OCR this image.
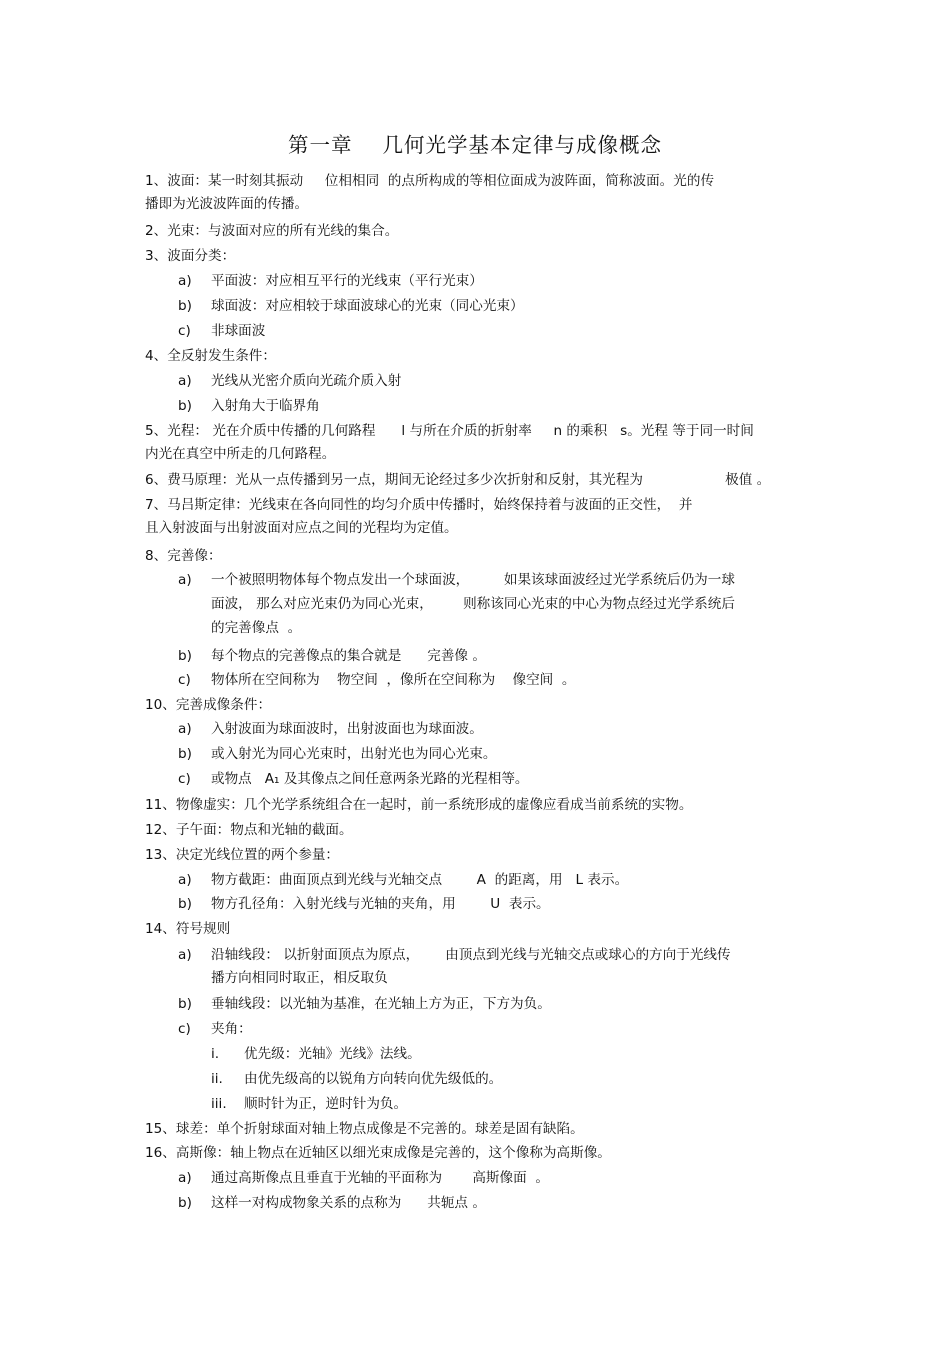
第一章    几何光学基本定律与成像概念
1、波面：某一时刻其振动     位相相同  的点所构成的等相位面成为波阵面，简称波面。光的传
播即为光波波阵面的传播。
2、光束：与波面对应的所有光线的集合。
3、波面分类：
a) 平面波：对应相互平行的光线束（平行光束）
b) 球面波：对应相较于球面波球心的光束（同心光束）
c) 非球面波
4、全反射发生条件：
a) 光线从光密介质向光疏介质入射
b) 入射角大于临界角
5、光程： 光在介质中传播的几何路程      l 与所在介质的折射率     n 的乘积   s。光程 等于同一时间
内光在真空中所走的几何路程。
6、费马原理：光从一点传播到另一点，期间无论经过多少次折射和反射，其光程为                   极值 。
7、马吕斯定律：光线束在各向同性的均匀介质中传播时，始终保持着与波面的正交性，  并
且入射波面与出射波面对应点之间的光程均为定值。
8、完善像：
a) 一个被照明物体每个物点发出一个球面波，        如果该球面波经过光学系统后仍为一球
面波， 那么对应光束仍为同心光束，       则称该同心光束的中心为物点经过光学系统后
的完善像点  。
b) 每个物点的完善像点的集合就是      完善像 。
c) 物体所在空间称为    物空间  ，像所在空间称为    像空间  。
10、完善成像条件：
a) 入射波面为球面波时，出射波面也为球面波。
b) 或入射光为同心光束时，出射光也为同心光束。
c) 或物点   A₁ 及其像点之间任意两条光路的光程相等。
11、物像虚实：几个光学系统组合在一起时，前一系统形成的虚像应看成当前系统的实物。
12、子午面：物点和光轴的截面。
13、决定光线位置的两个参量：
a) 物方截距：曲面顶点到光线与光轴交点        A  的距离，用   L 表示。
b) 物方孔径角：入射光线与光轴的夹角，用        U  表示。
14、符号规则
a) 沿轴线段： 以折射面顶点为原点，      由顶点到光线与光轴交点或球心的方向于光线传
播方向相同时取正，相反取负
b) 垂轴线段：以光轴为基准，在光轴上方为正，下方为负。
c) 夹角：
i. 优先级：光轴》光线》法线。
ii. 由优先级高的以锐角方向转向优先级低的。
iii. 顺时针为正，逆时针为负。
15、球差：单个折射球面对轴上物点成像是不完善的。球差是固有缺陷。
16、高斯像：轴上物点在近轴区以细光束成像是完善的，这个像称为高斯像。
a) 通过高斯像点且垂直于光轴的平面称为       高斯像面  。
b) 这样一对构成物象关系的点称为      共轭点 。
